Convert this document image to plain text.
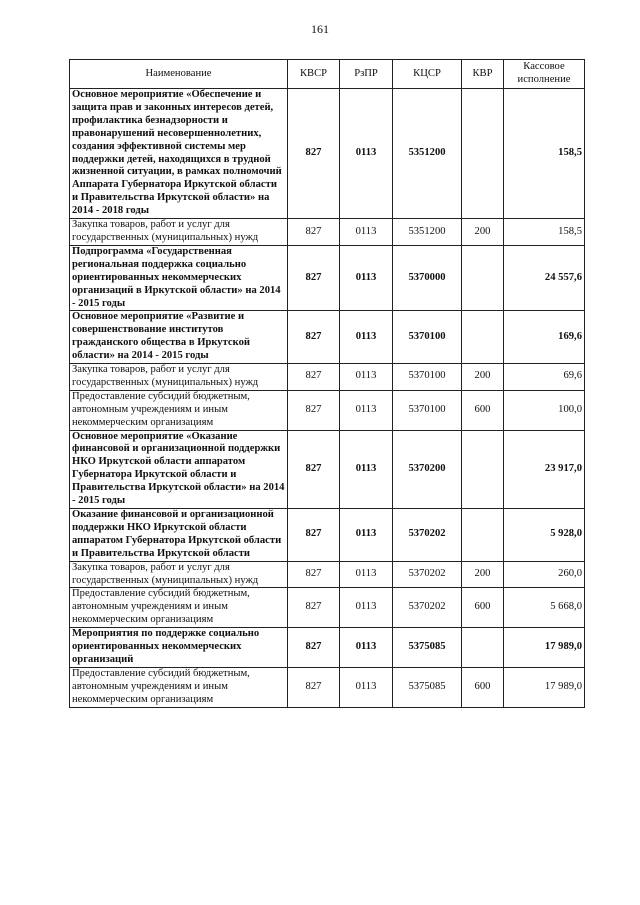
161
Наименование	КВСР	РзПР	КЦСР	КВР	Кассовое исполнение
Основное мероприятие «Обеспечение и защита прав и законных интересов детей, профилактика безнадзорности и правонарушений несовершеннолетних, создания эффективной системы мер поддержки детей, находящихся в трудной жизненной ситуации, в рамках полномочий Аппарата Губернатора Иркутской области и Правительства Иркутской области» на 2014 - 2018 годы	827	0113	5351200		158,5
Закупка товаров, работ и услуг для государственных (муниципальных) нужд	827	0113	5351200	200	158,5
Подпрограмма «Государственная региональная поддержка социально ориентированных некоммерческих организаций в Иркутской области» на 2014 - 2015 годы	827	0113	5370000		24 557,6
Основное мероприятие «Развитие и совершенствование институтов гражданского общества в Иркутской области» на 2014 - 2015 годы	827	0113	5370100		169,6
Закупка товаров, работ и услуг для государственных (муниципальных) нужд	827	0113	5370100	200	69,6
Предоставление субсидий бюджетным, автономным учреждениям и иным некоммерческим организациям	827	0113	5370100	600	100,0
Основное мероприятие «Оказание финансовой и организационной поддержки НКО Иркутской области аппаратом Губернатора Иркутской области и Правительства Иркутской области» на 2014 - 2015 годы	827	0113	5370200		23 917,0
Оказание финансовой и организационной поддержки НКО Иркутской области аппаратом Губернатора Иркутской области и Правительства Иркутской области	827	0113	5370202		5 928,0
Закупка товаров, работ и услуг для государственных (муниципальных) нужд	827	0113	5370202	200	260,0
Предоставление субсидий бюджетным, автономным учреждениям и иным некоммерческим организациям	827	0113	5370202	600	5 668,0
Мероприятия по поддержке социально ориентированных некоммерческих организаций	827	0113	5375085		17 989,0
Предоставление субсидий бюджетным, автономным учреждениям и иным некоммерческим организациям	827	0113	5375085	600	17 989,0
